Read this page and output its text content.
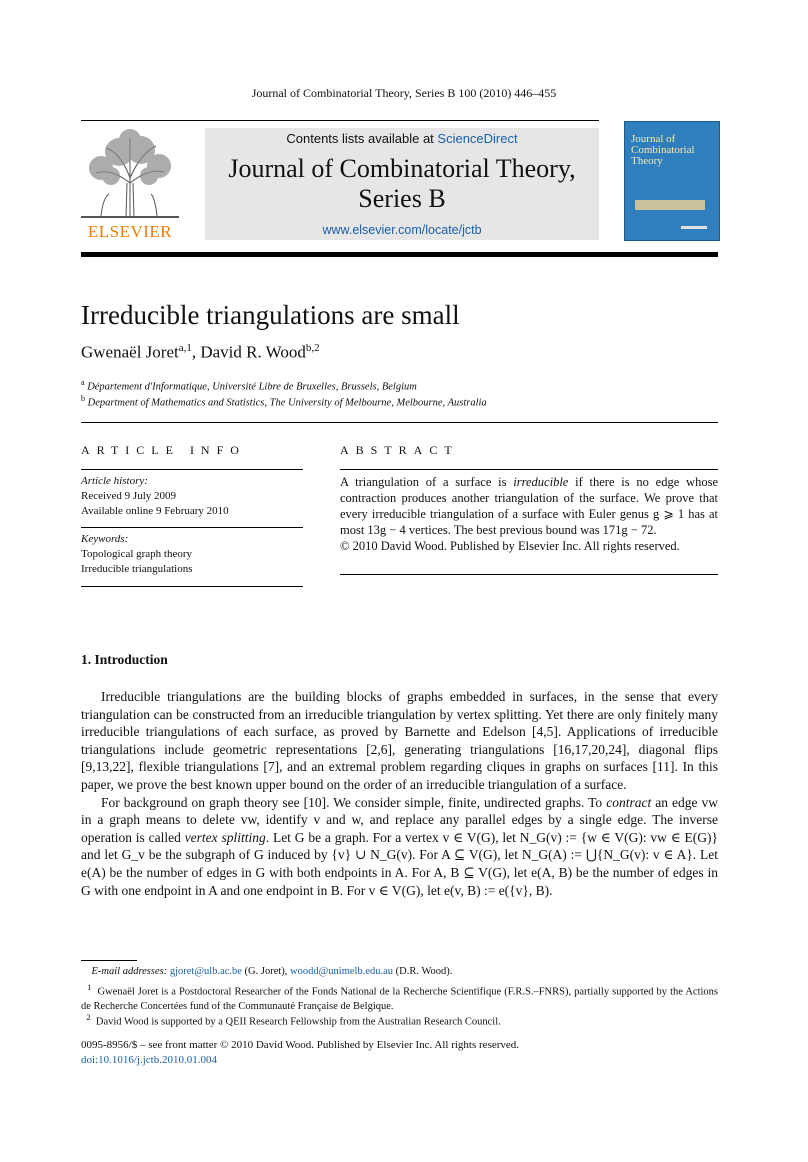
Journal of Combinatorial Theory, Series B 100 (2010) 446–455
ELSEVIER
Contents lists available at ScienceDirect
Journal of Combinatorial Theory,
Series B
www.elsevier.com/locate/jctb
Journal of
Combinatorial
Theory
Irreducible triangulations are small
Gwenaël Joret$^{a,1}$, David R. Wood$^{b,2}$
$^a$ Département d'Informatique, Université Libre de Bruxelles, Brussels, Belgium
$^b$ Department of Mathematics and Statistics, The University of Melbourne, Melbourne, Australia
ARTICLE INFO
Article history:
Received 9 July 2009
Available online 9 February 2010
Keywords:
Topological graph theory
Irreducible triangulations
ABSTRACT
A triangulation of a surface is irreducible if there is no edge whose contraction produces another triangulation of the surface. We prove that every irreducible triangulation of a surface with Euler genus g ⩾ 1 has at most 13g − 4 vertices. The best previous bound was 171g − 72.
© 2010 David Wood. Published by Elsevier Inc. All rights reserved.
1. Introduction

Irreducible triangulations are the building blocks of graphs embedded in surfaces, in the sense that every triangulation can be constructed from an irreducible triangulation by vertex splitting. Yet there are only finitely many irreducible triangulations of each surface, as proved by Barnette and Edelson [4,5]. Applications of irreducible triangulations include geometric representations [2,6], generating triangulations [16,17,20,24], diagonal flips [9,13,22], flexible triangulations [7], and an extremal problem regarding cliques in graphs on surfaces [11]. In this paper, we prove the best known upper bound on the order of an irreducible triangulation of a surface.

For background on graph theory see [10]. We consider simple, finite, undirected graphs. To contract an edge vw in a graph means to delete vw, identify v and w, and replace any parallel edges by a single edge. The inverse operation is called vertex splitting. Let G be a graph. For a vertex v ∈ V(G), let N_G(v) := {w ∈ V(G): vw ∈ E(G)} and let G_v be the subgraph of G induced by {v} ∪ N_G(v). For A ⊆ V(G), let N_G(A) := ⋃{N_G(v): v ∈ A}. Let e(A) be the number of edges in G with both endpoints in A. For A, B ⊆ V(G), let e(A, B) be the number of edges in G with one endpoint in A and one endpoint in B. For v ∈ V(G), let e(v, B) := e({v}, B).

E-mail addresses: gjoret@ulb.ac.be (G. Joret), woodd@unimelb.edu.au (D.R. Wood).
$^1$ Gwenaël Joret is a Postdoctoral Researcher of the Fonds National de la Recherche Scientifique (F.R.S.–FNRS), partially supported by the Actions de Recherche Concertées fund of the Communauté Française de Belgique.
$^2$ David Wood is supported by a QEII Research Fellowship from the Australian Research Council.
0095-8956/$ – see front matter © 2010 David Wood. Published by Elsevier Inc. All rights reserved.
doi:10.1016/j.jctb.2010.01.004
